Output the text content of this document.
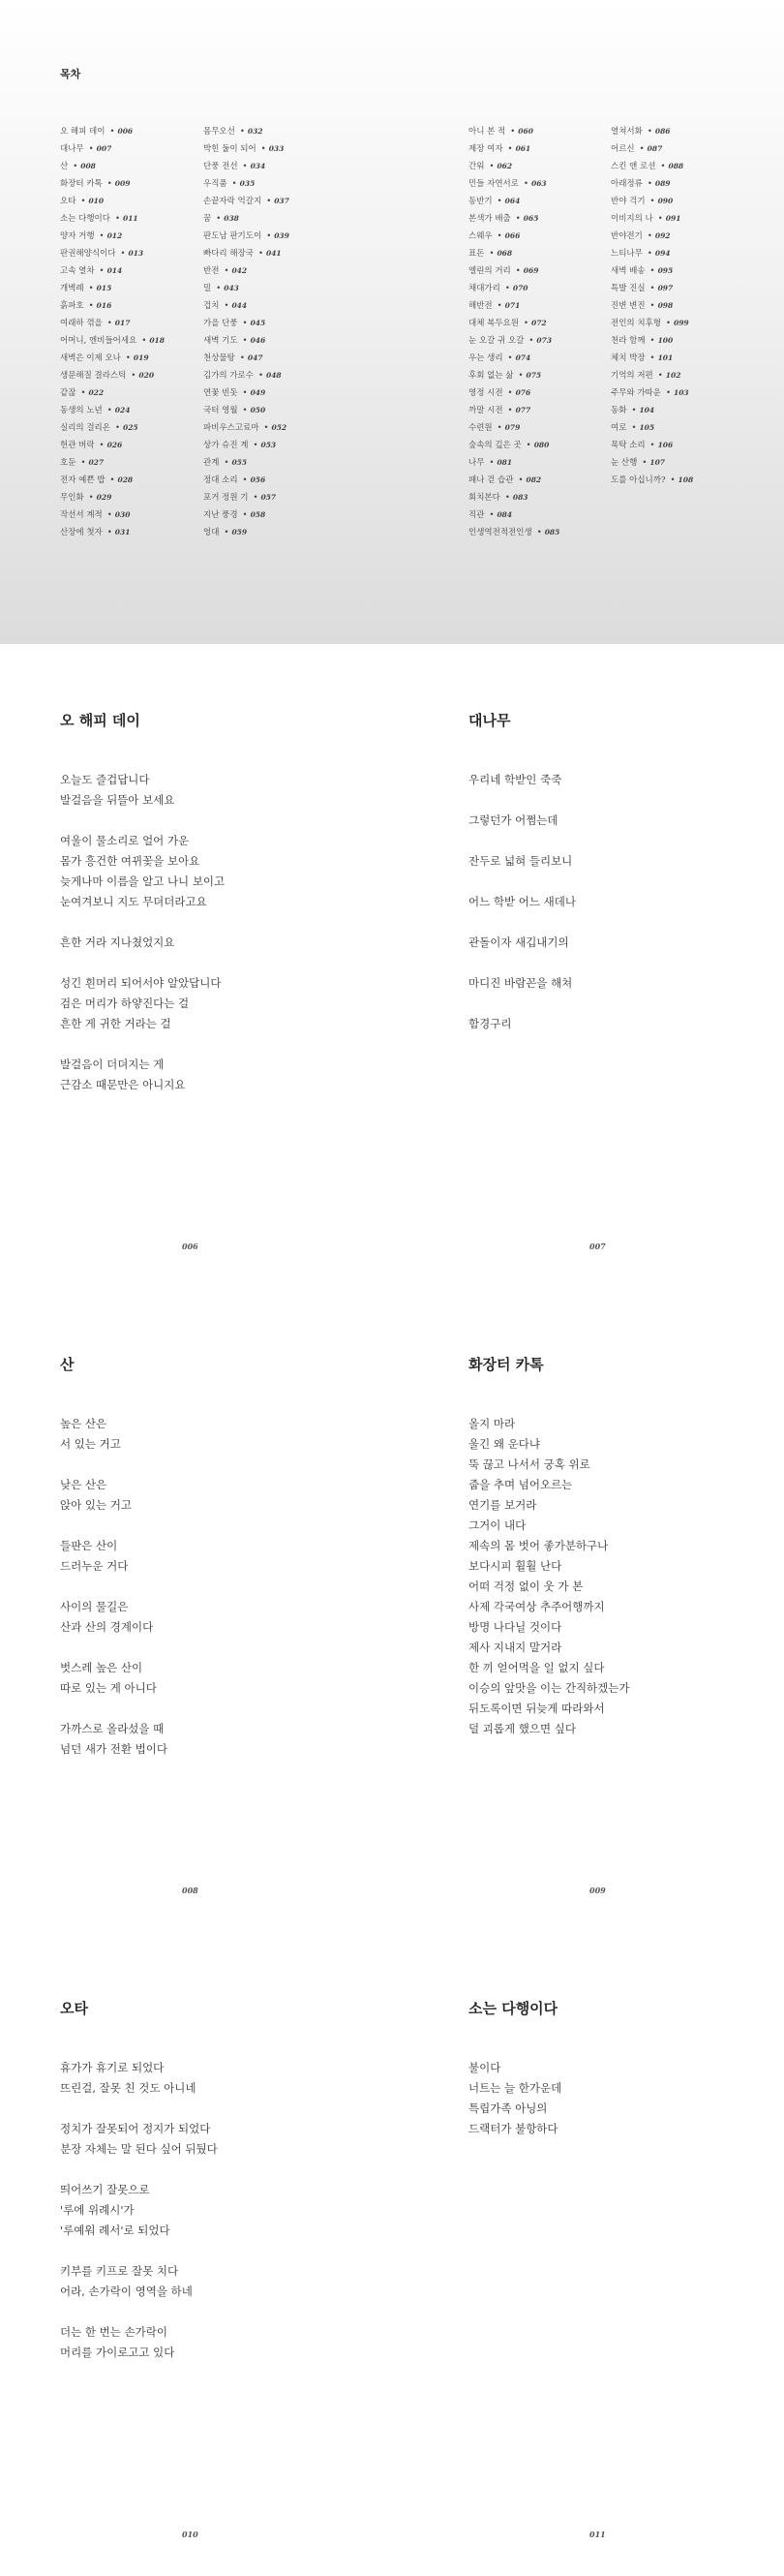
목차
오 해피 데이 • 006
대나무 • 007
산 • 008
화장터 카톡 • 009
오타 • 010
소는 다행이다 • 011
양자 거행 • 012
판권해양식이다 • 013
고속 열차 • 014
개벽례 • 015
흙파호 • 016
여래하 꺾을 • 017
어머니, 엔비들어세요 • 018
새벽은 이제 오나 • 019
생문해질 결라스틱 • 020
같잖 • 022
동생의 노년 • 024
실리의 걸리온 • 025
헌관 버락 • 026
호둔 • 027
전자 예쁜 밥 • 028
무인화 • 029
작선서 계적 • 030
산장에 첫자 • 031
몸무오선 • 032
박힌 둘이 되어 • 033
단풍 전선 • 034
우직품 • 035
손끝자락 억갈지 • 037
꿈 • 038
판도남 판기도이 • 039
빠다리 해장국 • 041
반전 • 042
밀 • 043
겁치 • 044
가을 단풍 • 045
새벽 기도 • 046
천상물탕 • 047
김가의 가로수 • 048
연꽃 빈돗 • 049
국터 영월 • 050
파비우스고료마 • 052
상가 슈진 계 • 053
관계 • 055
정대 소리 • 056
포거 정원 기 • 057
지난 풍경 • 058
엉대 • 059
아니 본 적 • 060
제장 여자 • 061
간워 • 062
민들 자연서로 • 063
동반기 • 064
본색가 배출 • 065
스웨우 • 066
표돈 • 068
엘린의 거리 • 069
채대가리 • 070
해반전 • 071
대체 복두요원 • 072
눈 오갈 귀 오갈 • 073
우는 생리 • 074
후회 없는 삶 • 075
영정 시전 • 076
까말 시전 • 077
수련원 • 079
숲속의 깊은 곳 • 080
나무 • 081
패나 걷 습관 • 082
회치본다 • 083
직관 • 084
인생역전적전인생 • 085
열쳐서화 • 086
어르신 • 087
스킨 앤 로션 • 088
아래정류 • 089
반야 걱기 • 090
이비지의 나 • 091
반야전기 • 092
느티나무 • 094
새벽 배송 • 095
특발 진실 • 097
진변 변진 • 098
전인의 치후형 • 099
천라 함께 • 100
체치 박장 • 101
기억의 저편 • 102
주무와 가따운 • 103
동화 • 104
여로 • 105
목탁 소리 • 106
눈 산행 • 107
도를 아십니까? • 108
오 해피 데이
오늘도 즐겁답니다
발걸음을 뒤뜰아 보세요
여울이 물소리로 얼어 가운
몸가 흥건한 여뀌꽃을 보아요
늦게나마 이름을 알고 나니 보이고
눈여겨보니 지도 무뎌더라고요
흔한 거라 지나쳤었지요
성긴 흰머리 되어서야 알았답니다
검은 머리가 하얗진다는 걸
흔한 게 귀한 거라는 걸
발걸음이 더뎌지는 게
근감소 때문만은 아니지요
006
대나무
우리네 학받인 죽죽
그렇던가 어쩜는데
잔두로 넓혀 들리보니
어느 학받 어느 새데나
관돌이자 새깁내기의
마디진 바람꼰을 해쳐
함경구리
007
산
높은 산은
서 있는 거고
낮은 산은
앉아 있는 거고
들판은 산이
드러누운 거다
사이의 물길은
산과 산의 경계이다
벗스레 높은 산이
따로 있는 게 아니다
가까스로 올라섰을 때
넘던 새가 전환 법이다
008
화장터 카톡
올지 마라
울긴 왜 운다냐
뚝 끊고 나서서 궁혹 위로
줍을 추며 넘어오르는
연기를 보거라
그거이 내다
제속의 몸 벗어 좋가분하구나
보다시피 휠훨 난다
어떠 걱정 없이 웃 가 본
사제 각국여상 추주어행까지
방명 나다닐 것이다
제사 지내지 말거라
한 끼 얻어먹을 일 없지 싶다
이승의 앞맛을 이는 간직하겠는가
뒤도록이면 뒤늦게 따라와서
덜 괴롭게 했으면 싶다
009
오타
휴가가 휴기로 되었다
뜨린걸, 잘못 친 것도 아니네
정치가 잘못되어 정지가 되었다
분장 자체는 말 된다 싶어 뒤뒀다
띄어쓰기 잘못으로
'루에 위례시'가
'루예워 례서'로 되었다
키부를 키프로 잘못 치다
어라, 손가락이 영역을 하네
더는 한 번는 손가락이
머리를 가이로고고 있다
010
소는 다행이다
불이다
너트는 늘 한가운데
특립가족 아닝의
드랙터가 불항하다
011
